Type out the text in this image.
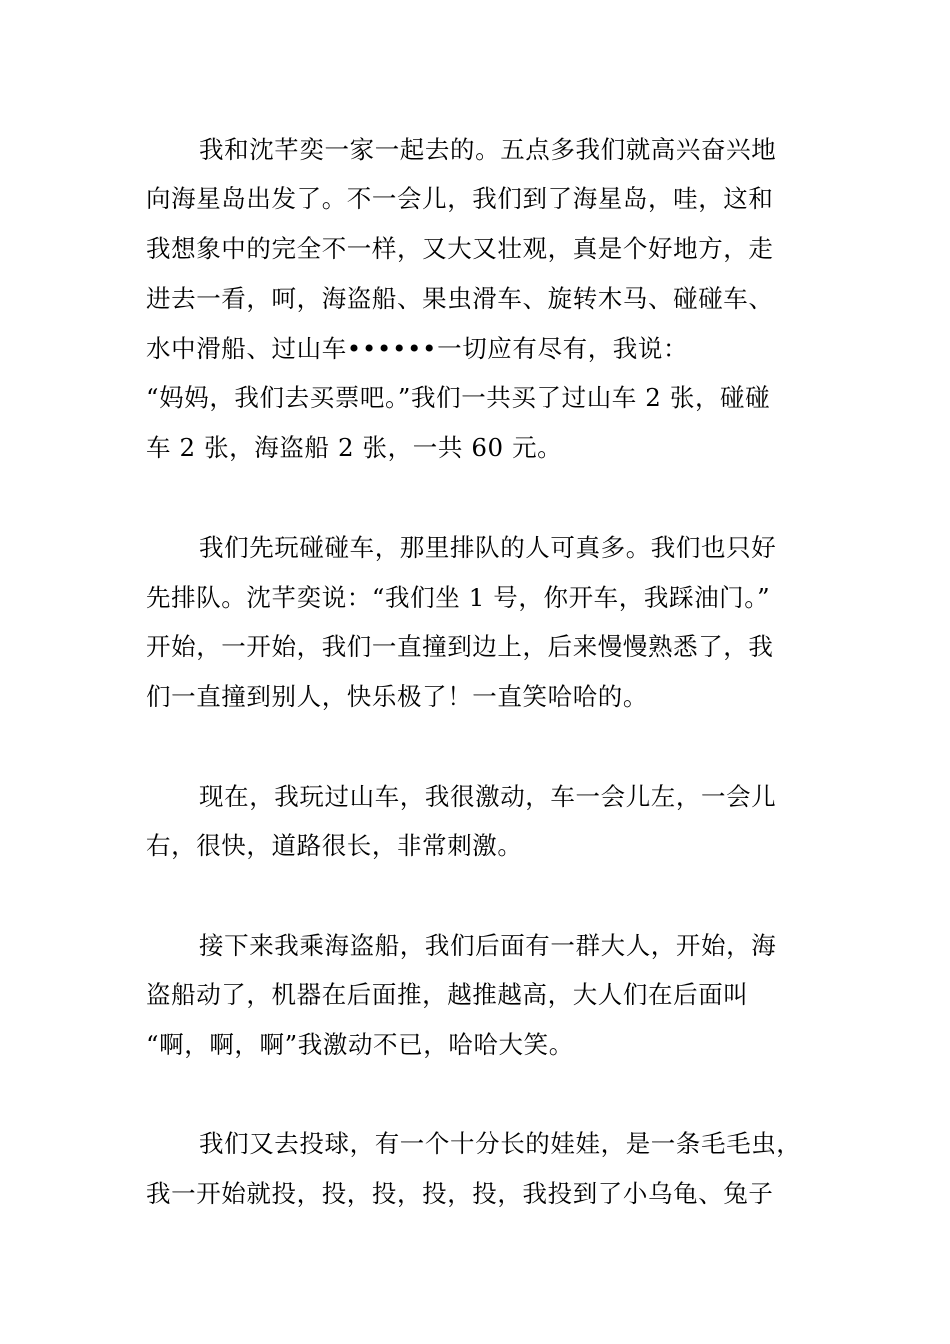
我和沈芊奕一家一起去的。五点多我们就高兴奋兴地
向海星岛出发了。不一会儿，我们到了海星岛，哇，这和
我想象中的完全不一样，又大又壮观，真是个好地方，走
进去一看，呵，海盗船、果虫滑车、旋转木马、碰碰车、
水中滑船、过山车••••••一切应有尽有，我说：
“妈妈，我们去买票吧。”我们一共买了过山车 2 张，碰碰
车 2 张，海盗船 2 张，一共 60 元。
我们先玩碰碰车，那里排队的人可真多。我们也只好
先排队。沈芊奕说：“我们坐 1 号，你开车，我踩油门。”
开始，一开始，我们一直撞到边上，后来慢慢熟悉了，我
们一直撞到别人，快乐极了！一直笑哈哈的。
现在，我玩过山车，我很激动，车一会儿左，一会儿
右，很快，道路很长，非常刺激。
接下来我乘海盗船，我们后面有一群大人，开始，海
盗船动了，机器在后面推，越推越高，大人们在后面叫
“啊，啊，啊”我激动不已，哈哈大笑。
我们又去投球，有一个十分长的娃娃，是一条毛毛虫，
我一开始就投，投，投，投，投，我投到了小乌龟、兔子
